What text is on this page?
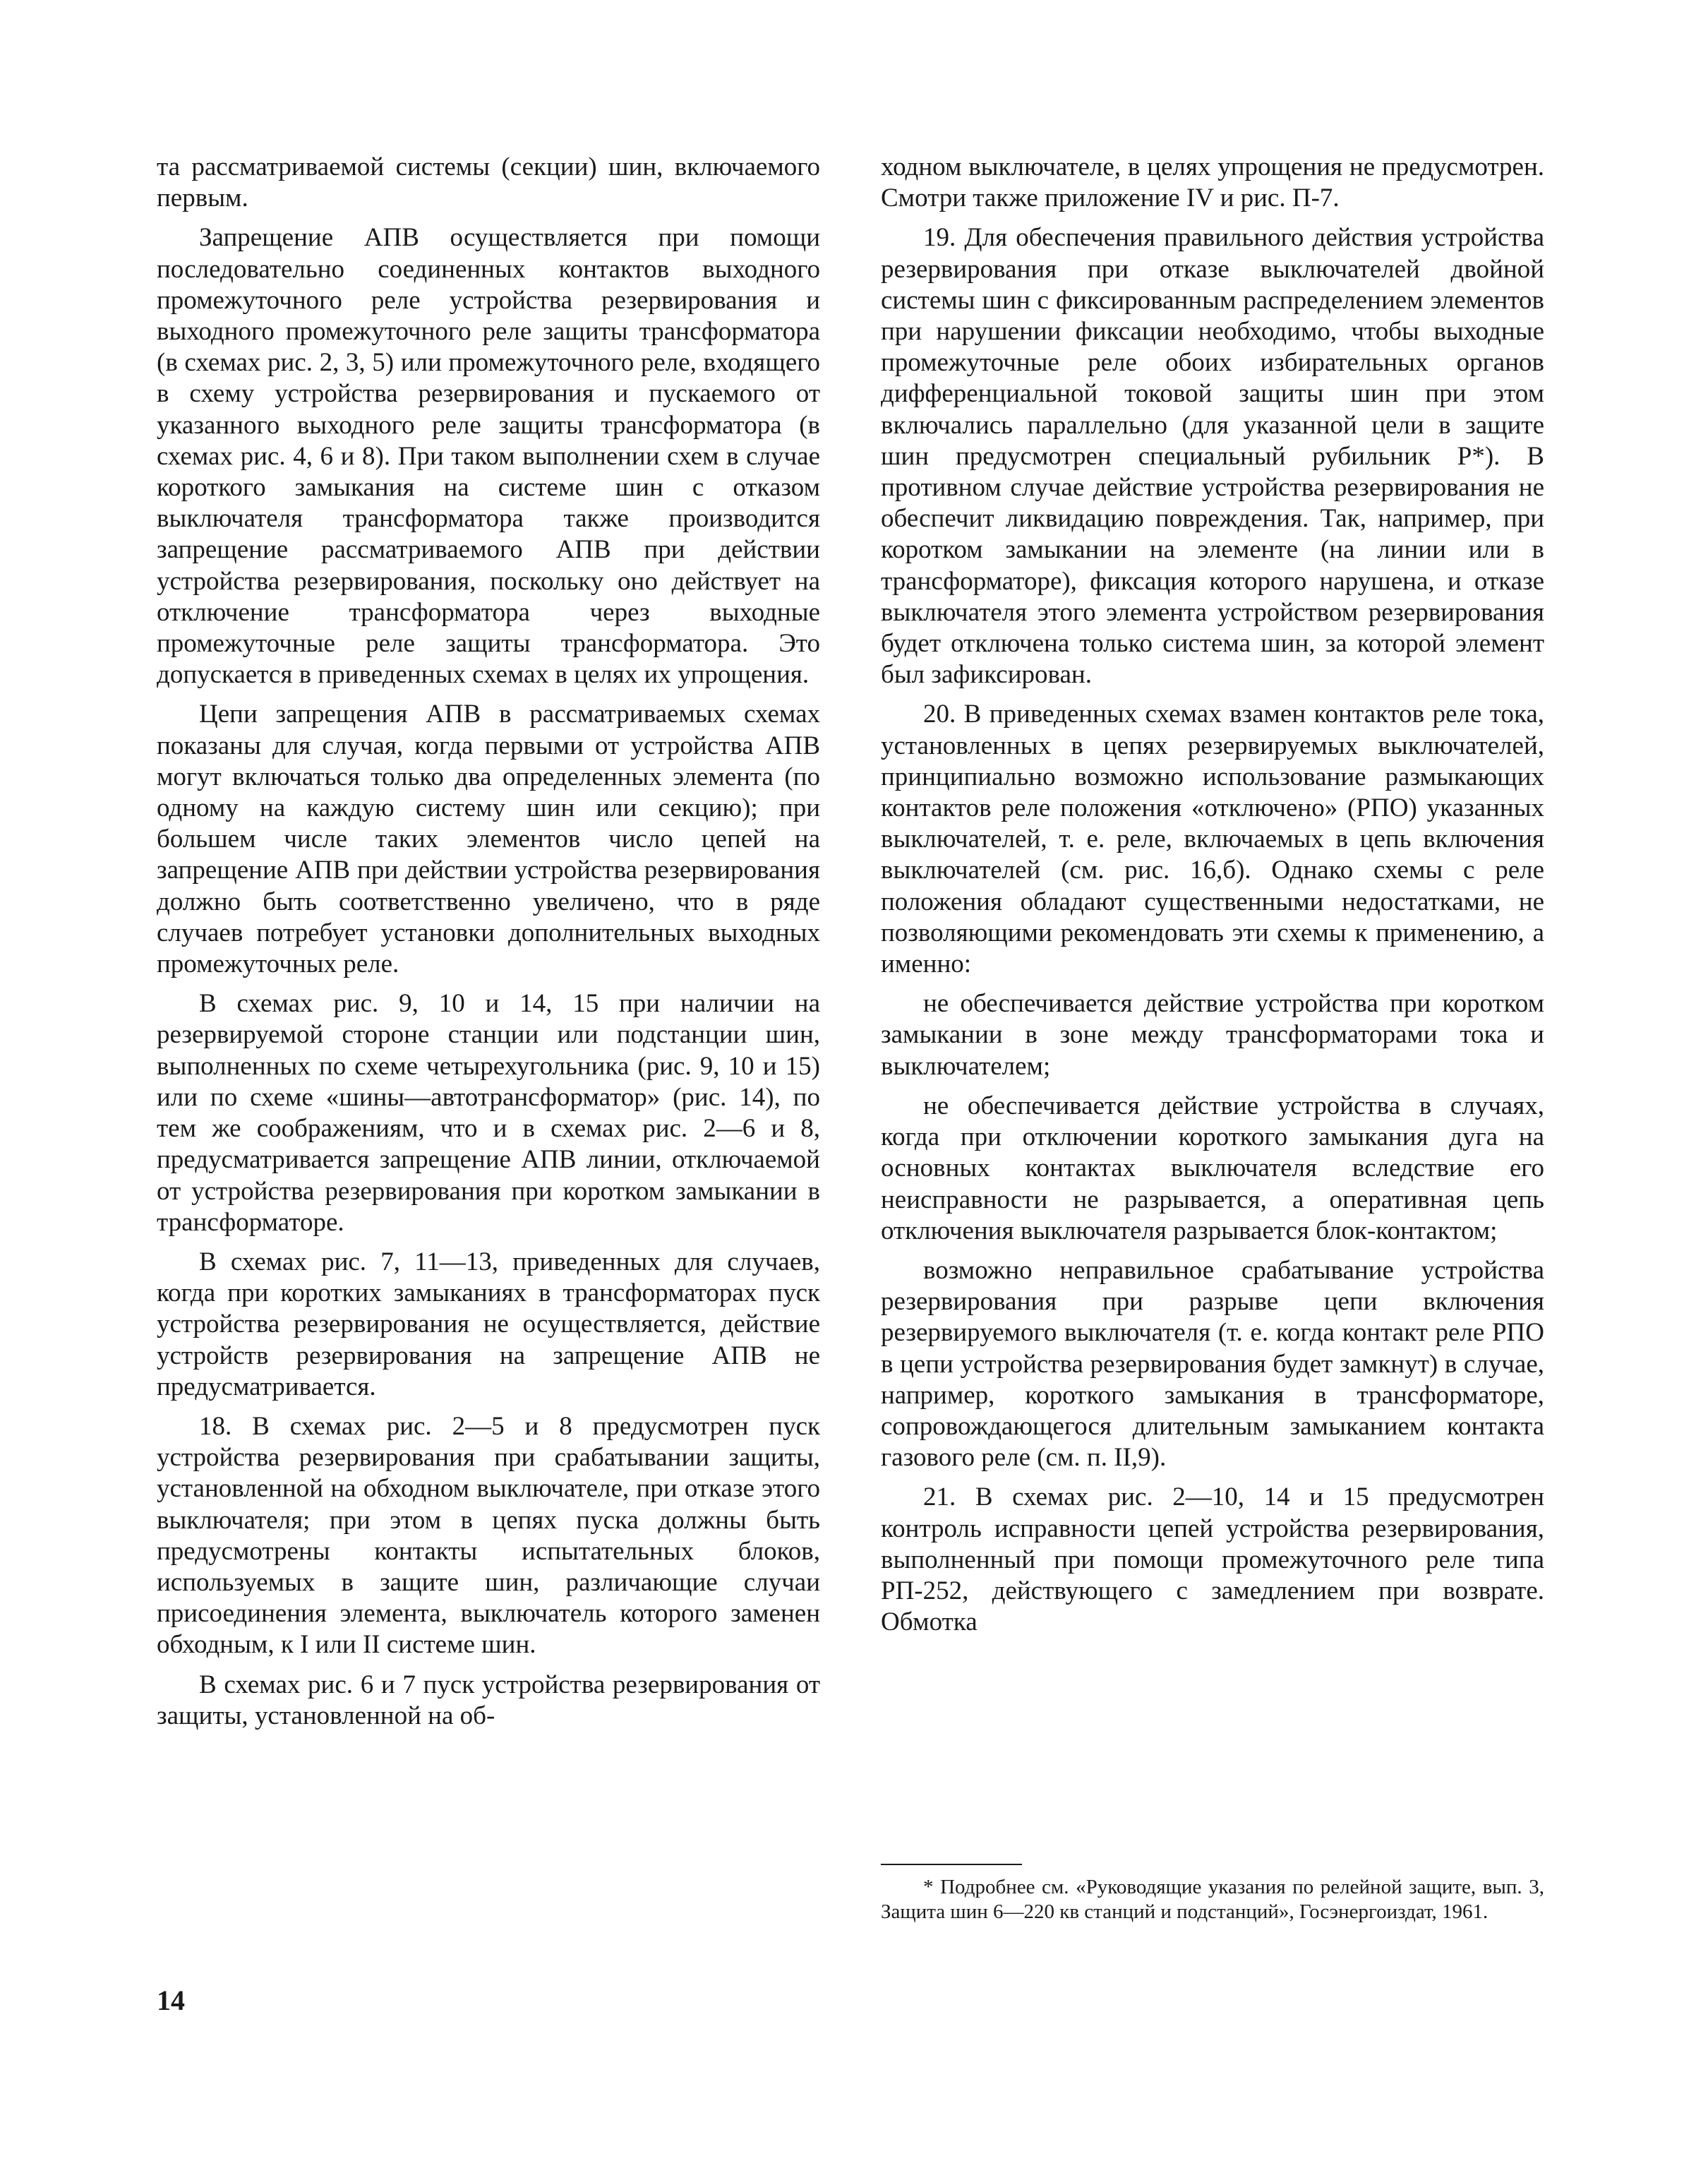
та рассматриваемой системы (секции) шин, включаемого первым.

Запрещение АПВ осуществляется при помощи последовательно соединенных контактов выходного промежуточного реле устройства резервирования и выходного промежуточного реле защиты трансформатора (в схемах рис. 2, 3, 5) или промежуточного реле, входящего в схему устройства резервирования и пускаемого от указанного выходного реле защиты трансформатора (в схемах рис. 4, 6 и 8). При таком выполнении схем в случае короткого замыкания на системе шин с отказом выключателя трансформатора также производится запрещение рассматриваемого АПВ при действии устройства резервирования, поскольку оно действует на отключение трансформатора через выходные промежуточные реле защиты трансформатора. Это допускается в приведенных схемах в целях их упрощения.

Цепи запрещения АПВ в рассматриваемых схемах показаны для случая, когда первыми от устройства АПВ могут включаться только два определенных элемента (по одному на каждую систему шин или секцию); при большем числе таких элементов число цепей на запрещение АПВ при действии устройства резервирования должно быть соответственно увеличено, что в ряде случаев потребует установки дополнительных выходных промежуточных реле.

В схемах рис. 9, 10 и 14, 15 при наличии на резервируемой стороне станции или подстанции шин, выполненных по схеме четырехугольника (рис. 9, 10 и 15) или по схеме «шины—автотрансформатор» (рис. 14), по тем же соображениям, что и в схемах рис. 2—6 и 8, предусматривается запрещение АПВ линии, отключаемой от устройства резервирования при коротком замыкании в трансформаторе.

В схемах рис. 7, 11—13, приведенных для случаев, когда при коротких замыканиях в трансформаторах пуск устройства резервирования не осуществляется, действие устройств резервирования на запрещение АПВ не предусматривается.

18. В схемах рис. 2—5 и 8 предусмотрен пуск устройства резервирования при срабатывании защиты, установленной на обходном выключателе, при отказе этого выключателя; при этом в цепях пуска должны быть предусмотрены контакты испытательных блоков, используемых в защите шин, различающие случаи присоединения элемента, выключатель которого заменен обходным, к I или II системе шин.

В схемах рис. 6 и 7 пуск устройства резервирования от защиты, установленной на об-

ходном выключателе, в целях упрощения не предусмотрен. Смотри также приложение IV и рис. П-7.

19. Для обеспечения правильного действия устройства резервирования при отказе выключателей двойной системы шин с фиксированным распределением элементов при нарушении фиксации необходимо, чтобы выходные промежуточные реле обоих избирательных органов дифференциальной токовой защиты шин при этом включались параллельно (для указанной цели в защите шин предусмотрен специальный рубильник P*). В противном случае действие устройства резервирования не обеспечит ликвидацию повреждения. Так, например, при коротком замыкании на элементе (на линии или в трансформаторе), фиксация которого нарушена, и отказе выключателя этого элемента устройством резервирования будет отключена только система шин, за которой элемент был зафиксирован.

20. В приведенных схемах взамен контактов реле тока, установленных в цепях резервируемых выключателей, принципиально возможно использование размыкающих контактов реле положения «отключено» (РПО) указанных выключателей, т. е. реле, включаемых в цепь включения выключателей (см. рис. 16,б). Однако схемы с реле положения обладают существенными недостатками, не позволяющими рекомендовать эти схемы к применению, а именно:

не обеспечивается действие устройства при коротком замыкании в зоне между трансформаторами тока и выключателем;

не обеспечивается действие устройства в случаях, когда при отключении короткого замыкания дуга на основных контактах выключателя вследствие его неисправности не разрывается, а оперативная цепь отключения выключателя разрывается блок-контактом;

возможно неправильное срабатывание устройства резервирования при разрыве цепи включения резервируемого выключателя (т. е. когда контакт реле РПО в цепи устройства резервирования будет замкнут) в случае, например, короткого замыкания в трансформаторе, сопровождающегося длительным замыканием контакта газового реле (см. п. II,9).

21. В схемах рис. 2—10, 14 и 15 предусмотрен контроль исправности цепей устройства резервирования, выполненный при помощи промежуточного реле типа РП-252, действующего с замедлением при возврате. Обмотка

* Подробнее см. «Руководящие указания по релейной защите, вып. 3, Защита шин 6—220 кв станций и подстанций», Госэнергоиздат, 1961.

14
